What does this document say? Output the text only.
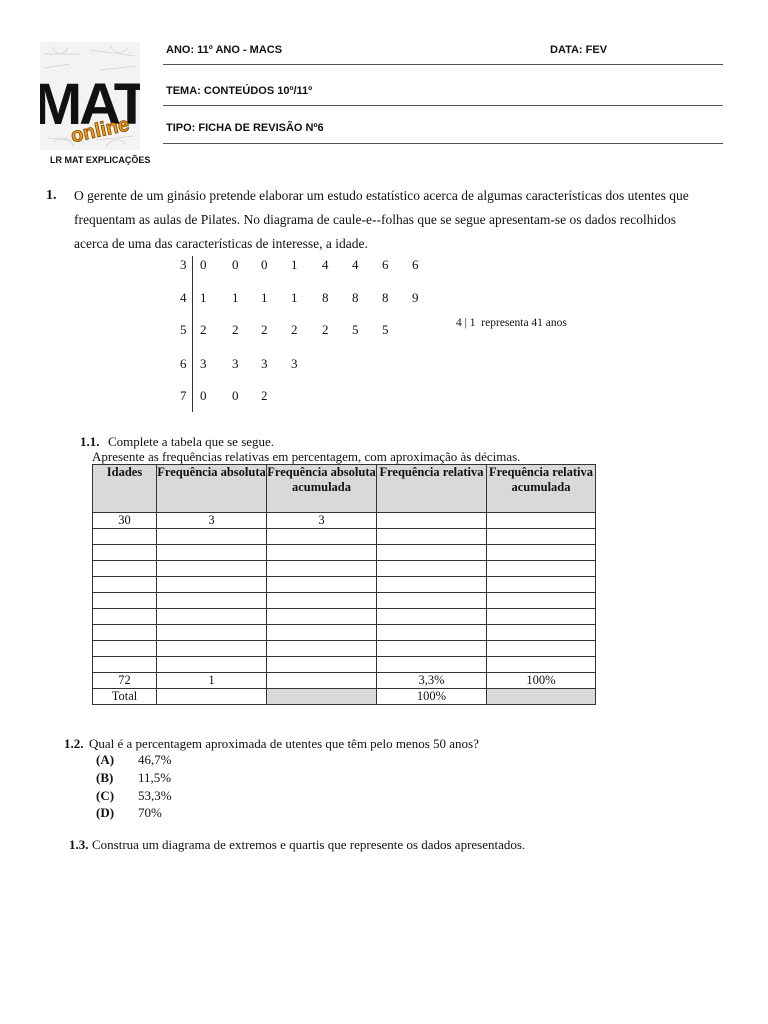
MAT
online
LR MAT EXPLICAÇÕES
ANO: 11º ANO - MACS	DATA: FEV
TEMA: CONTEÚDOS 10º/11º
TIPO: FICHA DE REVISÃO Nº6
1. O gerente de um ginásio pretende elaborar um estudo estatístico acerca de algumas características dos utentes que
frequentam as aulas de Pilates. No diagrama de caule-e--folhas que se segue apresentam-se os dados recolhidos
acerca de uma das características de interesse, a idade.
3 0 0 0 1 4 4 6 6
4 1 1 1 1 8 8 8 9
5 2 2 2 2 2 5 5
6 3 3 3 3
7 0 0 2
4 | 1  representa 41 anos
1.1. Complete a tabela que se segue.
Apresente as frequências relativas em percentagem, com aproximação às décimas.
Idades	Frequência absoluta	Frequência absoluta acumulada	Frequência relativa	Frequência relativa acumulada
30	3	3		

72	1		3,3%	100%
Total			100%	
1.2. Qual é a percentagem aproximada de utentes que têm pelo menos 50 anos?
(A) 46,7%
(B) 11,5%
(C) 53,3%
(D) 70%
1.3. Construa um diagrama de extremos e quartis que represente os dados apresentados.
